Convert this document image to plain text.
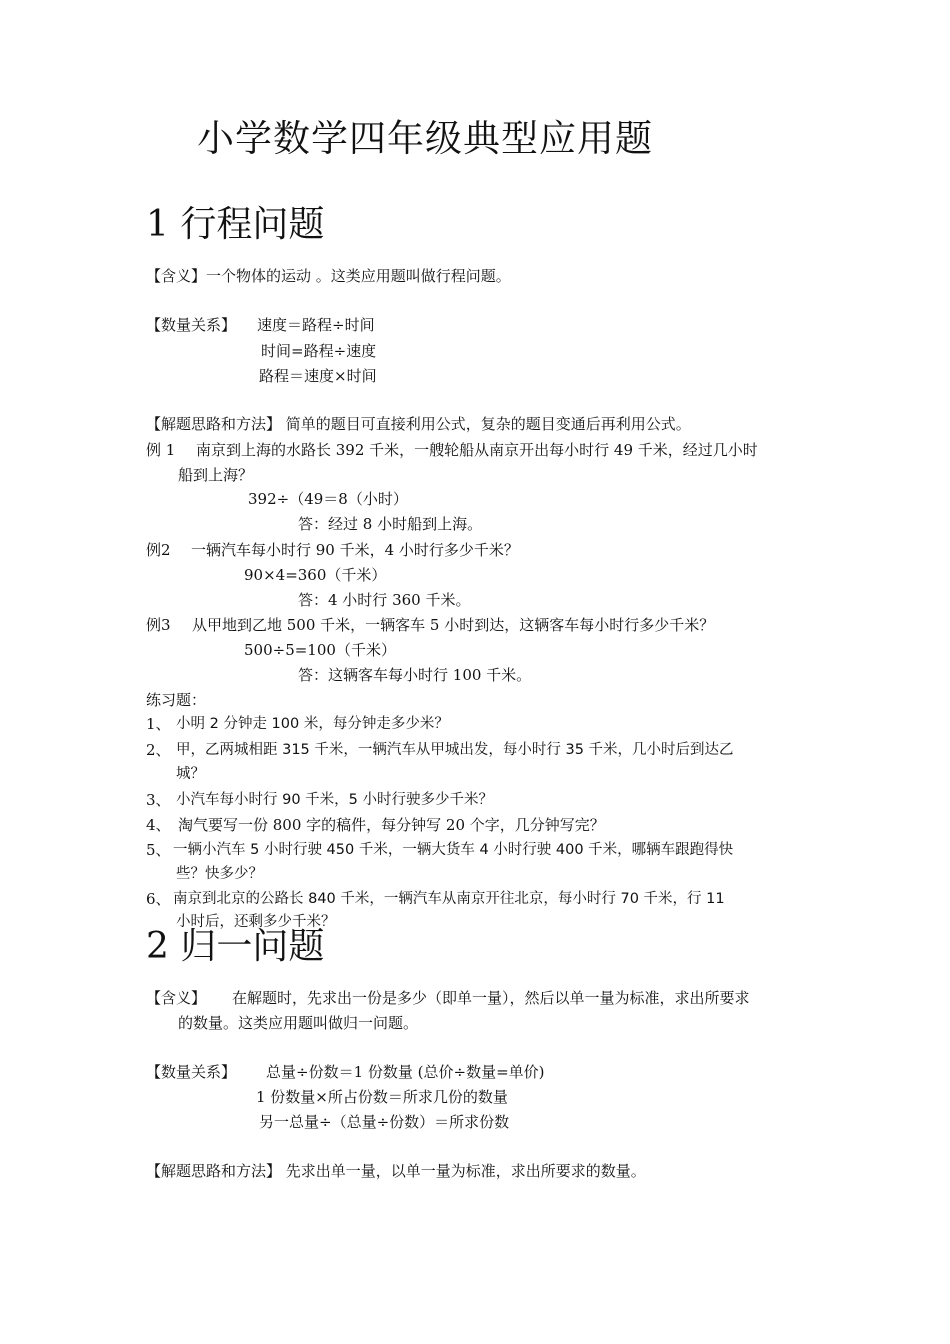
小学数学四年级典型应用题
1 行程问题
【含义】一个物体的运动 。这类应用题叫做行程问题。
【数量关系】 速度＝路程÷时间
时间=路程÷速度
路程＝速度×时间
【解题思路和方法】 简单的题目可直接利用公式，复杂的题目变通后再利用公式。
例 1 南京到上海的水路长 392 千米，一艘轮船从南京开出每小时行 49 千米，经过几小时
船到上海？
392÷（49＝8（小时）
答：经过 8 小时船到上海。
例2 一辆汽车每小时行 90 千米，4 小时行多少千米？
90×4=360（千米）
答：4 小时行 360 千米。
例3 从甲地到乙地 500 千米，一辆客车 5 小时到达，这辆客车每小时行多少千米？
500÷5=100（千米）
答：这辆客车每小时行 100 千米。
练习题：
1、 小明 2 分钟走 100 米，每分钟走多少米？
2、 甲，乙两城相距 315 千米，一辆汽车从甲城出发，每小时行 35 千米，几小时后到达乙
城？
3、 小汽车每小时行 90 千米，5 小时行驶多少千米？
4、 淘气要写一份 800 字的稿件，每分钟写 20 个字，几分钟写完？
5、 一辆小汽车 5 小时行驶 450 千米，一辆大货车 4 小时行驶 400 千米，哪辆车跟跑得快
些？快多少？
6、 南京到北京的公路长 840 千米，一辆汽车从南京开往北京，每小时行 70 千米，行 11
小时后，还剩多少千米？
2 归一问题
【含义】 在解题时，先求出一份是多少（即单一量），然后以单一量为标准，求出所要求
的数量。这类应用题叫做归一问题。
【数量关系】 总量÷份数＝1 份数量 (总价÷数量=单价)
1 份数量×所占份数＝所求几份的数量
另一总量÷（总量÷份数）＝所求份数
【解题思路和方法】 先求出单一量，以单一量为标准，求出所要求的数量。
